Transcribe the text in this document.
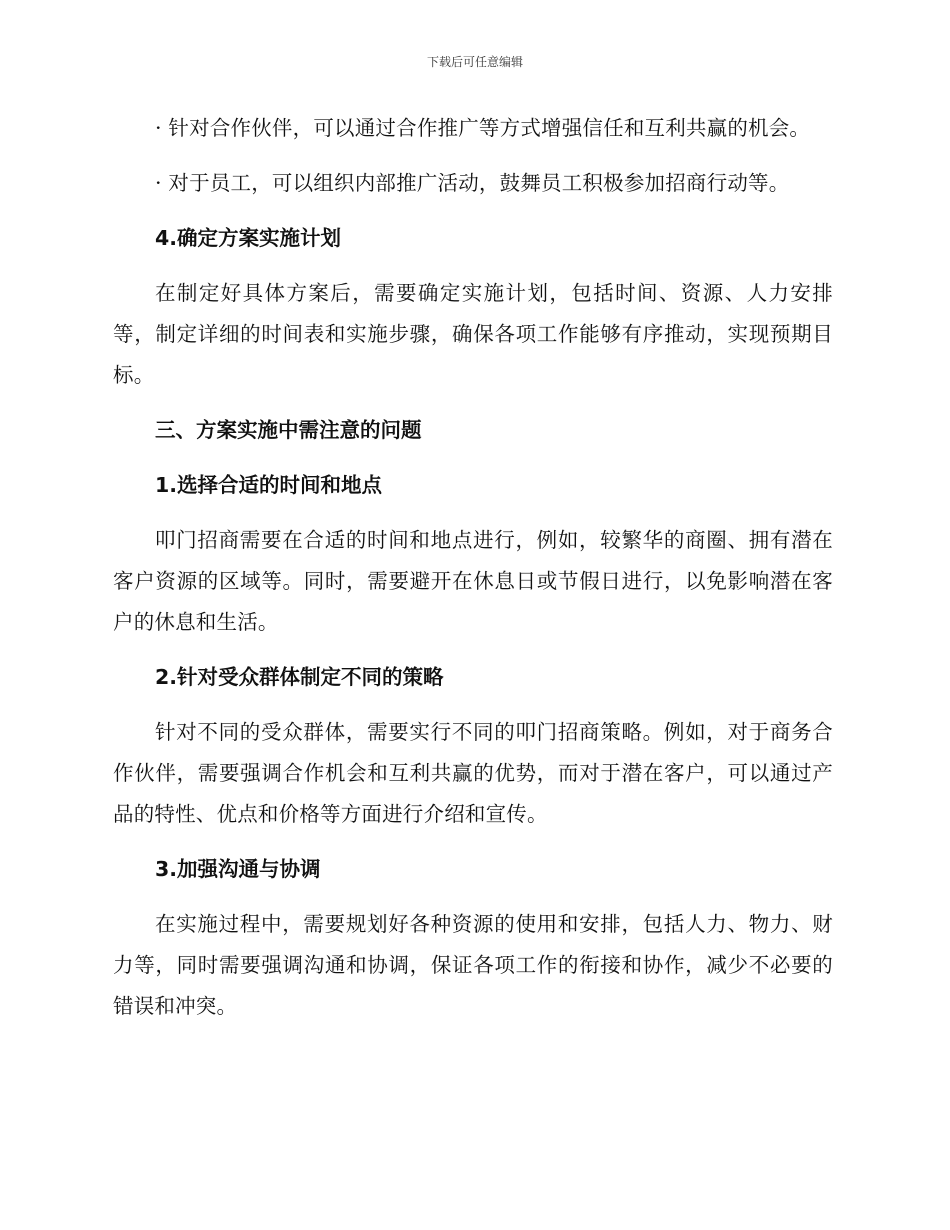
下载后可任意编辑

· 针对合作伙伴，可以通过合作推广等方式增强信任和互利共赢的机会。

· 对于员工，可以组织内部推广活动，鼓舞员工积极参加招商行动等。

4.确定方案实施计划

在制定好具体方案后，需要确定实施计划，包括时间、资源、人力安排等，制定详细的时间表和实施步骤，确保各项工作能够有序推动，实现预期目标。

三、方案实施中需注意的问题
1.选择合适的时间和地点

叩门招商需要在合适的时间和地点进行，例如，较繁华的商圈、拥有潜在客户资源的区域等。同时，需要避开在休息日或节假日进行，以免影响潜在客户的休息和生活。

2.针对受众群体制定不同的策略

针对不同的受众群体，需要实行不同的叩门招商策略。例如，对于商务合作伙伴，需要强调合作机会和互利共赢的优势，而对于潜在客户，可以通过产品的特性、优点和价格等方面进行介绍和宣传。

3.加强沟通与协调

在实施过程中，需要规划好各种资源的使用和安排，包括人力、物力、财力等，同时需要强调沟通和协调，保证各项工作的衔接和协作，减少不必要的错误和冲突。
